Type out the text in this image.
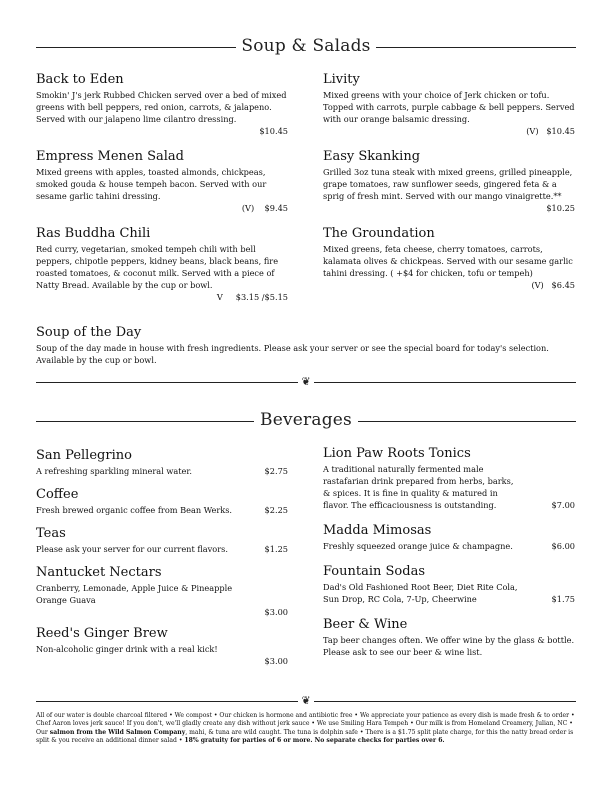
Soup & Salads
Back to Eden
Smokin' J's jerk Rubbed Chicken served over a bed of mixed greens with bell peppers, red onion, carrots, & jalapeno. Served with our jalapeno lime cilantro dressing.
$10.45
Empress Menen Salad
Mixed greens with apples, toasted almonds, chickpeas, smoked gouda & house tempeh bacon. Served with our sesame garlic tahini dressing.
(V)    $9.45
Ras Buddha Chili
Red curry, vegetarian, smoked tempeh chili with bell peppers, chipotle peppers, kidney beans, black beans, fire roasted tomatoes, & coconut milk. Served with a piece of Natty Bread. Available by the cup or bowl.
V     $3.15 /$5.15
Livity
Mixed greens with your choice of Jerk chicken or tofu. Topped with carrots, purple cabbage & bell peppers. Served with our orange balsamic dressing.
(V)   $10.45
Easy Skanking
Grilled 3oz tuna steak with mixed greens, grilled pineapple, grape tomatoes, raw sunflower seeds, gingered feta & a sprig of fresh mint. Served with our mango vinaigrette.**
$10.25
The Groundation
Mixed greens, feta cheese, cherry tomatoes, carrots, kalamata olives & chickpeas. Served with our sesame garlic tahini dressing. ( +$4 for chicken, tofu or tempeh)
(V)   $6.45
Soup of the Day
Soup of the day made in house with fresh ingredients. Please ask your server or see the special board for today's selection. Available by the cup or bowl.
❦
Beverages
San Pellegrino
A refreshing sparkling mineral water.	$2.75
Coffee
Fresh brewed organic coffee from Bean Werks.	$2.25
Teas
Please ask your server for our current flavors.	$1.25
Nantucket Nectars
Cranberry, Lemonade, Apple Juice & Pineapple Orange Guava
$3.00
Reed's Ginger Brew
Non-alcoholic ginger drink with a real kick!
$3.00
Lion Paw Roots Tonics
A traditional naturally fermented male rastafarian drink prepared from herbs, barks, & spices. It is fine in quality & matured in flavor. The efficaciousness is outstanding.	$7.00
Madda Mimosas
Freshly squeezed orange juice & champagne.	$6.00
Fountain Sodas
Dad's Old Fashioned Root Beer, Diet Rite Cola, Sun Drop, RC Cola, 7-Up, Cheerwine	$1.75
Beer & Wine
Tap beer changes often. We offer wine by the glass & bottle. Please ask to see our beer & wine list.
❦
All of our water is double charcoal filtered • We compost • Our chicken is hormone and antibiotic free • We appreciate your patience as every dish is made fresh & to order • Chef Aaron loves jerk sauce! If you don't, we'll gladly create any dish without jerk sauce • We use Smiling Hara Tempeh • Our milk is from Homeland Creamery, Julian, NC • Our salmon from the Wild Salmon Company, mahi, & tuna are wild caught. The tuna is dolphin safe • There is a $1.75 split plate charge, for this the natty bread order is split & you receive an additional dinner salad • 18% gratuity for parties of 6 or more. No separate checks for parties over 6.
